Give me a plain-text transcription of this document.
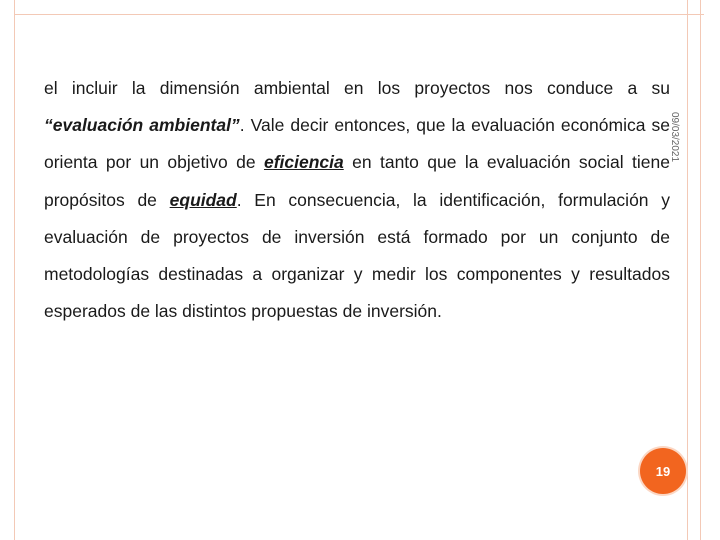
el incluir la dimensión ambiental en los proyectos nos conduce a su “evaluación ambiental”. Vale decir entonces, que la evaluación económica se orienta por un objetivo de eficiencia en tanto que la evaluación social tiene propósitos de equidad. En consecuencia, la identificación, formulación y evaluación de proyectos de inversión está formado por un conjunto de metodologías destinadas a organizar y medir los componentes y resultados esperados de las distintos propuestas de inversión.

09/03/2021
19
